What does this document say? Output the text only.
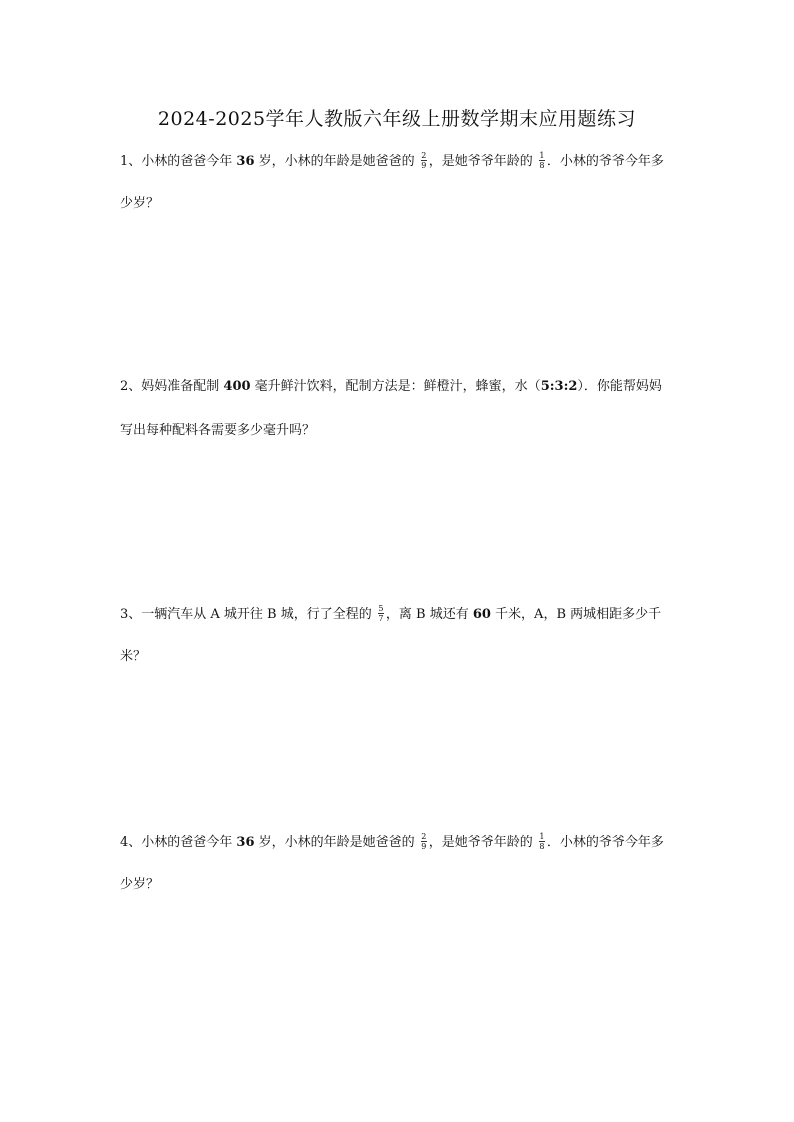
2024-2025学年人教版六年级上册数学期末应用题练习
1、小林的爸爸今年 36 岁，小林的年龄是她爸爸的 $\frac{2}{9}$ ，是她爷爷年龄的 $\frac{1}{8}$ ．小林的爷爷今年多
少岁？
2、妈妈准备配制 400 毫升鲜汁饮料，配制方法是：鲜橙汁，蜂蜜，水（5:3:2）．你能帮妈妈
写出每种配料各需要多少毫升吗？
3、一辆汽车从 A 城开往 B 城，行了全程的 $\frac{5}{7}$ ，离 B 城还有 60 千米，A，B 两城相距多少千
米？
4、小林的爸爸今年 36 岁，小林的年龄是她爸爸的 $\frac{2}{9}$ ，是她爷爷年龄的 $\frac{1}{8}$ ．小林的爷爷今年多
少岁？
